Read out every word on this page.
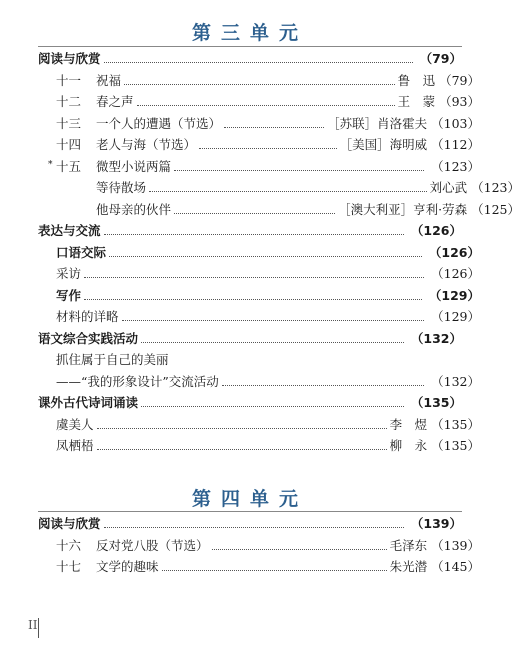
第三单元
阅读与欣赏	（79）
十一	祝福	鲁　迅 （79）
十二	春之声	王　蒙 （93）
十三	一个人的遭遇（节选）	［苏联］肖洛霍夫 （103）
十四	老人与海（节选）	［美国］海明威 （112）
* 十五	微型小说两篇	（123）
等待散场	刘心武 （123）
他母亲的伙伴	［澳大利亚］亨利·劳森 （125）
表达与交流	（126）
口语交际	（126）
采访	（126）
写作	（129）
材料的详略	（129）
语文综合实践活动	（132）
抓住属于自己的美丽
——“我的形象设计”交流活动	（132）
课外古代诗词诵读	（135）
虞美人	李　煜 （135）
凤栖梧	柳　永 （135）
第四单元
阅读与欣赏	（139）
十六	反对党八股（节选）	毛泽东 （139）
十七	文学的趣味	朱光潜 （145）
II
